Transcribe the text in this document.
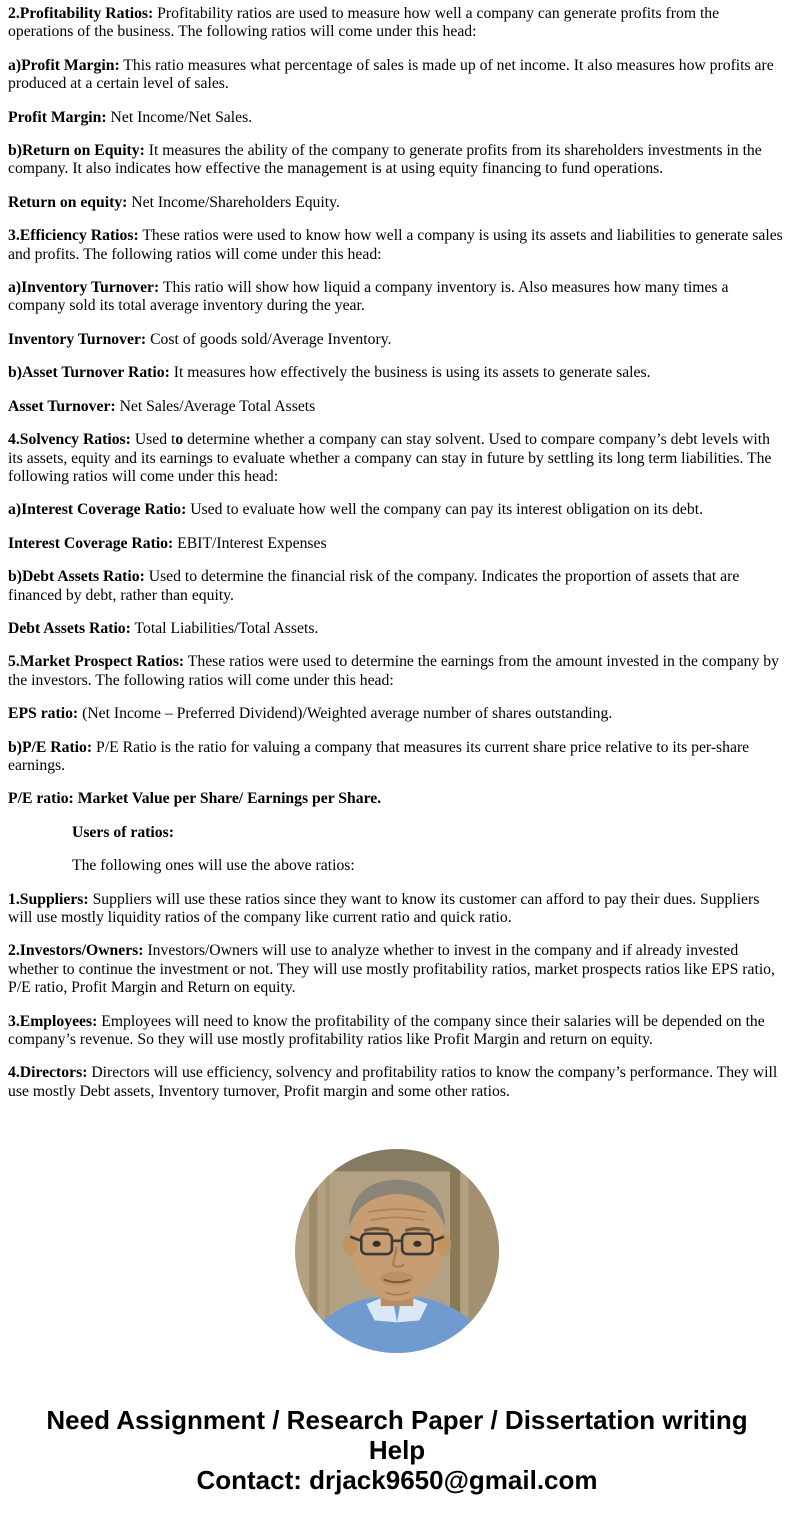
2.Profitability Ratios: Profitability ratios are used to measure how well a company can generate profits from the operations of the business. The following ratios will come under this head:

a)Profit Margin: This ratio measures what percentage of sales is made up of net income. It also measures how profits are produced at a certain level of sales.

Profit Margin: Net Income/Net Sales.

b)Return on Equity: It measures the ability of the company to generate profits from its shareholders investments in the company. It also indicates how effective the management is at using equity financing to fund operations.

Return on equity: Net Income/Shareholders Equity.

3.Efficiency Ratios: These ratios were used to know how well a company is using its assets and liabilities to generate sales and profits. The following ratios will come under this head:

a)Inventory Turnover: This ratio will show how liquid a company inventory is. Also measures how many times a company sold its total average inventory during the year.

Inventory Turnover: Cost of goods sold/Average Inventory.

b)Asset Turnover Ratio: It measures how effectively the business is using its assets to generate sales.

Asset Turnover: Net Sales/Average Total Assets

4.Solvency Ratios: Used to determine whether a company can stay solvent. Used to compare company’s debt levels with its assets, equity and its earnings to evaluate whether a company can stay in future by settling its long term liabilities. The following ratios will come under this head:

a)Interest Coverage Ratio: Used to evaluate how well the company can pay its interest obligation on its debt.

Interest Coverage Ratio: EBIT/Interest Expenses

b)Debt Assets Ratio: Used to determine the financial risk of the company. Indicates the proportion of assets that are financed by debt, rather than equity.

Debt Assets Ratio: Total Liabilities/Total Assets.

5.Market Prospect Ratios: These ratios were used to determine the earnings from the amount invested in the company by the investors. The following ratios will come under this head:

EPS ratio: (Net Income – Preferred Dividend)/Weighted average number of shares outstanding.

b)P/E Ratio: P/E Ratio is the ratio for valuing a company that measures its current share price relative to its per-share earnings.

P/E ratio: Market Value per Share/ Earnings per Share.

Users of ratios:

The following ones will use the above ratios:

1.Suppliers: Suppliers will use these ratios since they want to know its customer can afford to pay their dues. Suppliers will use mostly liquidity ratios of the company like current ratio and quick ratio.

2.Investors/Owners: Investors/Owners will use to analyze whether to invest in the company and if already invested whether to continue the investment or not. They will use mostly profitability ratios, market prospects ratios like EPS ratio, P/E ratio, Profit Margin and Return on equity.

3.Employees: Employees will need to know the profitability of the company since their salaries will be depended on the company’s revenue. So they will use mostly profitability ratios like Profit Margin and return on equity.

4.Directors: Directors will use efficiency, solvency and profitability ratios to know the company’s performance. They will use mostly Debt assets, Inventory turnover, Profit margin and some other ratios.

Need Assignment / Research Paper / Dissertation writing Help
Contact: drjack9650@gmail.com
